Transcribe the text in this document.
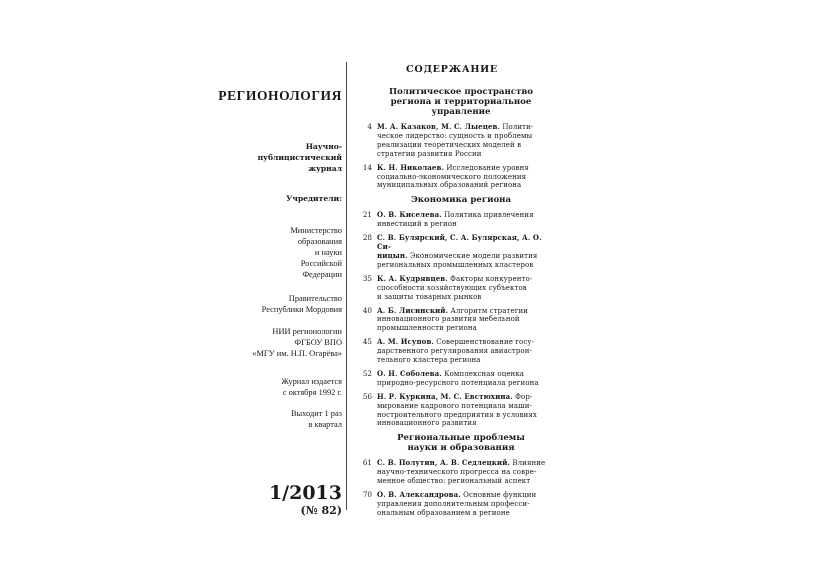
РЕГИОНОЛОГИЯ
Научно-
публицистический
журнал
Учредители:
Министерство
образования
и науки
Российской
Федерации
Правительство
Республики Мордовия
НИИ регионологии
ФГБОУ ВПО
«МГУ им. Н.П. Огарёва»
Журнал издается
с октября 1992 г.
Выходит 1 раз
в квартал
1/2013
(№ 82)
СОДЕРЖАНИЕ
Политическое пространство
региона и территориальное
управление
4 М. А. Казаков, М. С. Лыецев. Полити-
ческое лидерство: сущность и проблемы
реализации теоретических моделей в
стратегии развития России
14 К. Н. Николаев. Исследование уровня
социально-экономического положения
муниципальных образований региона
Экономика региона
21 О. В. Киселева. Политика привлечения
инвестиций в регион
28 С. В. Булярский, С. А. Булярская, А. О. Си-
ницын. Экономические модели развития
региональных промышленных кластеров
35 К. А. Кудрявцев. Факторы конкурентo-
способности хозяйствующих субъектов
и защиты товарных рынков
40 А. Б. Лисинский. Алгоритм стратегии
инновационного развития мебельной
промышленности региона
45 А. М. Исупов. Совершенствование госу-
дарственного регулирования авиастрои-
тельного кластера региона
52 О. Н. Соболева. Комплексная оценка
природно-ресурсного потенциала региона
56 Н. Р. Куркина, М. С. Евстюхина. Фор-
мирование кадрового потенциала маши-
ностроительного предприятия в условиях
инновационного развития
Региональные проблемы
науки и образования
61 С. В. Полутин, А. В. Седлецкий. Влияние
научно-технического прогресса на совре-
менное общество: региональный аспект
70 О. В. Александрова. Основные функции
управления дополнительным професси-
ональным образованием в регионе
